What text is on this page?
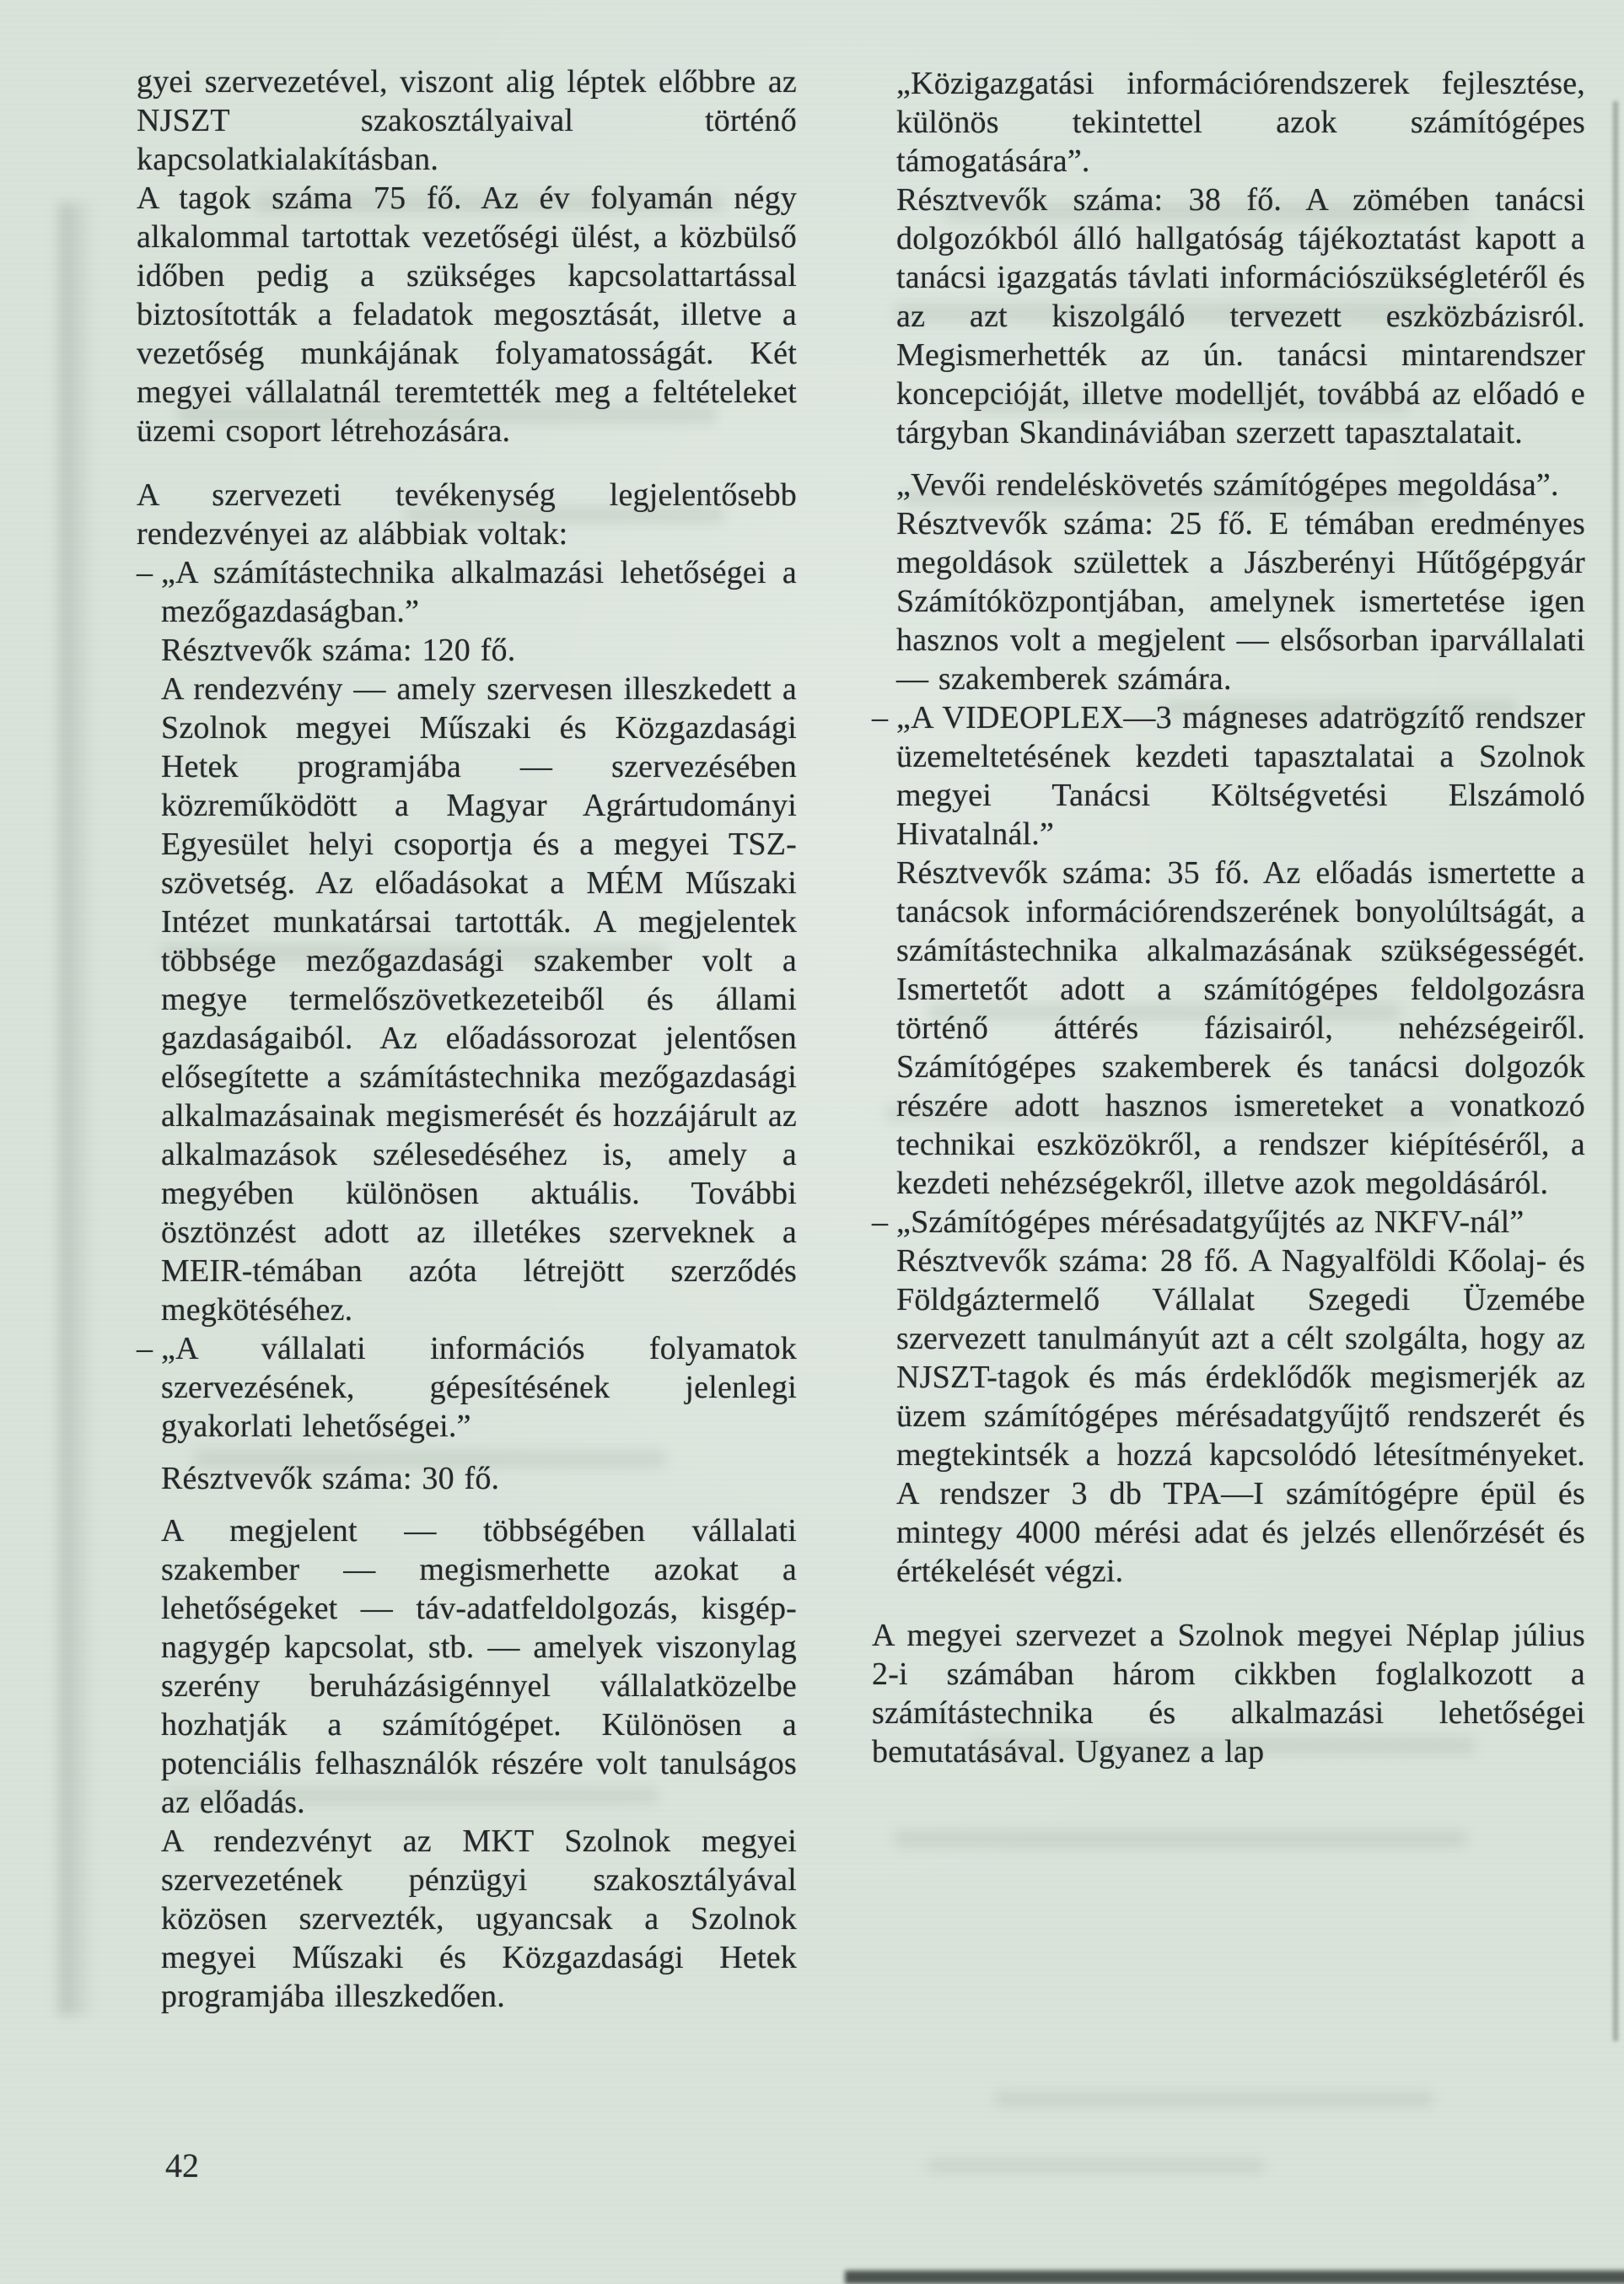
gyei szervezetével, viszont alig léptek előbbre az NJSZT szakosztályaival történő kapcsolatkialakításban.

A tagok száma 75 fő. Az év folyamán négy alkalommal tartottak vezetőségi ülést, a közbülső időben pedig a szükséges kapcsolattartással biztosították a feladatok megosztását, illetve a vezetőség munkájának folyamatosságát. Két megyei vállalatnál teremtették meg a feltételeket üzemi csoport létrehozására.

A szervezeti tevékenység legjelentősebb rendezvényei az alábbiak voltak:

– „A számítástechnika alkalmazási lehetőségei a mezőgazdaságban.”

Résztvevők száma: 120 fő.

A rendezvény — amely szervesen illeszkedett a Szolnok megyei Műszaki és Közgazdasági Hetek programjába — szervezésében közreműködött a Magyar Agrártudományi Egyesület helyi csoportja és a megyei TSZ-szövetség. Az előadásokat a MÉM Műszaki Intézet munkatársai tartották. A megjelentek többsége mezőgazdasági szakember volt a megye termelőszövetkezeteiből és állami gazdaságaiból. Az előadássorozat jelentősen elősegítette a számítástechnika mezőgazdasági alkalmazásainak megismerését és hozzájárult az alkalmazások szélesedéséhez is, amely a megyében különösen aktuális. További ösztönzést adott az illetékes szerveknek a MEIR-témában azóta létrejött szerződés megkötéséhez.

– „A vállalati információs folyamatok szervezésének, gépesítésének jelenlegi gyakorlati lehetőségei.”

Résztvevők száma: 30 fő.

A megjelent — többségében vállalati szakember — megismerhette azokat a lehetőségeket — táv-adatfeldolgozás, kisgép-nagygép kapcsolat, stb. — amelyek viszonylag szerény beruházásigénnyel vállalatközelbe hozhatják a számítógépet. Különösen a potenciális felhasználók részére volt tanulságos az előadás.

A rendezvényt az MKT Szolnok megyei szervezetének pénzügyi szakosztályával közösen szervezték, ugyancsak a Szolnok megyei Műszaki és Közgazdasági Hetek programjába illeszkedően.

„Közigazgatási információrendszerek fejlesztése, különös tekintettel azok számítógépes támogatására”.

Résztvevők száma: 38 fő. A zömében tanácsi dolgozókból álló hallgatóság tájékoztatást kapott a tanácsi igazgatás távlati információszükségletéről és az azt kiszolgáló tervezett eszközbázisról. Megismerhették az ún. tanácsi mintarendszer koncepcióját, illetve modelljét, továbbá az előadó e tárgyban Skandináviában szerzett tapasztalatait.

„Vevői rendeléskövetés számítógépes megoldása”.

Résztvevők száma: 25 fő. E témában eredményes megoldások születtek a Jászberényi Hűtőgépgyár Számítóközpontjában, amelynek ismertetése igen hasznos volt a megjelent — elsősorban iparvállalati — szakemberek számára.

– „A VIDEOPLEX—3 mágneses adatrögzítő rendszer üzemeltetésének kezdeti tapasztalatai a Szolnok megyei Tanácsi Költségvetési Elszámoló Hivatalnál.”

Résztvevők száma: 35 fő. Az előadás ismertette a tanácsok információrendszerének bonyolúltságát, a számítástechnika alkalmazásának szükségességét. Ismertetőt adott a számítógépes feldolgozásra történő áttérés fázisairól, nehézségeiről. Számítógépes szakemberek és tanácsi dolgozók részére adott hasznos ismereteket a vonatkozó technikai eszközökről, a rendszer kiépítéséről, a kezdeti nehézségekről, illetve azok megoldásáról.

– „Számítógépes mérésadatgyűjtés az NKFV-nál”

Résztvevők száma: 28 fő. A Nagyalföldi Kőolaj- és Földgáztermelő Vállalat Szegedi Üzemébe szervezett tanulmányút azt a célt szolgálta, hogy az NJSZT-tagok és más érdeklődők megismerjék az üzem számítógépes mérésadatgyűjtő rendszerét és megtekintsék a hozzá kapcsolódó létesítményeket. A rendszer 3 db TPA—I számítógépre épül és mintegy 4000 mérési adat és jelzés ellenőrzését és értékelését végzi.

A megyei szervezet a Szolnok megyei Néplap július 2-i számában három cikkben foglalkozott a számítástechnika és alkalmazási lehetőségei bemutatásával. Ugyanez a lap

42
